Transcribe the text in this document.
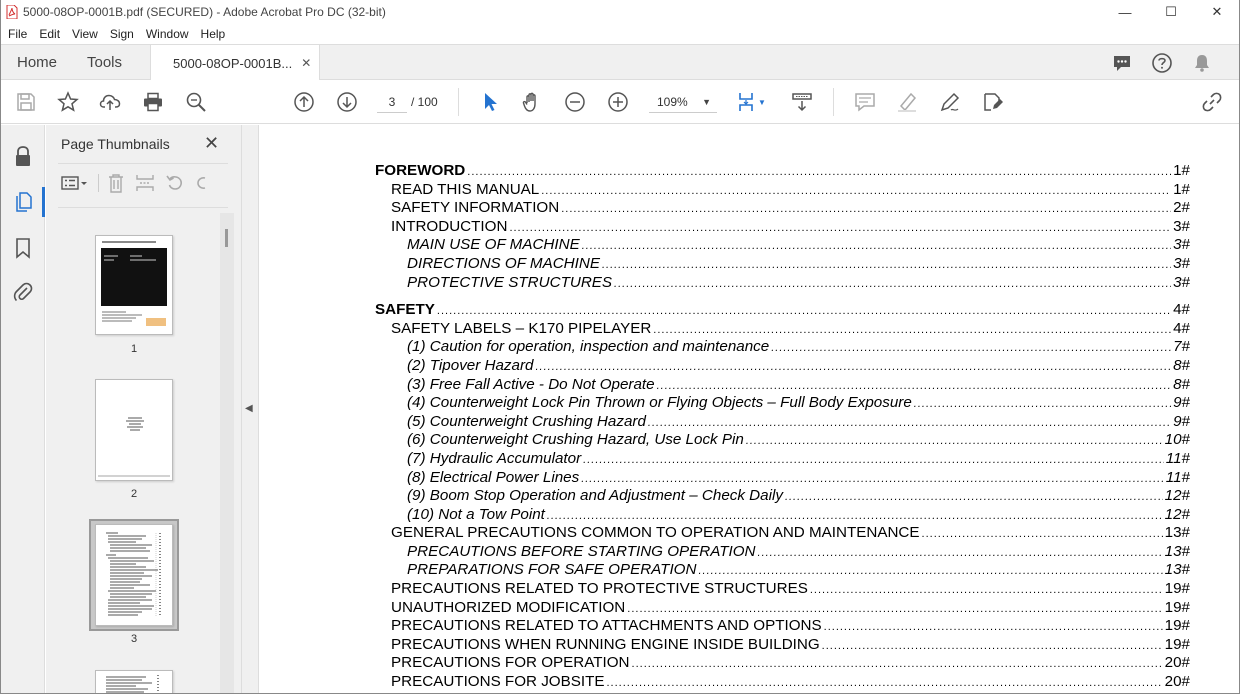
5000-08OP-0001B.pdf (SECURED) - Adobe Acrobat Pro DC (32-bit)	—	☐	✕
File Edit View Sign Window Help
Home Tools	5000-08OP-0001B... ✕
3	/ 100	109% ▼	▼
Page Thumbnails ✕
1
2
3
◀
FOREWORD .....	1#
READ THIS MANUAL .....	1#
SAFETY INFORMATION .....	2#
INTRODUCTION .....	3#
MAIN USE OF MACHINE .....	3#
DIRECTIONS OF MACHINE .....	3#
PROTECTIVE STRUCTURES .....	3#
SAFETY .....	4#
SAFETY LABELS – K170 PIPELAYER .....	4#
(1) Caution for operation, inspection and maintenance .....	7#
(2) Tipover Hazard .....	8#
(3) Free Fall Active - Do Not Operate .....	8#
(4) Counterweight Lock Pin Thrown or Flying Objects – Full Body Exposure .....	9#
(5) Counterweight Crushing Hazard .....	9#
(6) Counterweight Crushing Hazard, Use Lock Pin .....	10#
(7) Hydraulic Accumulator .....	11#
(8) Electrical Power Lines .....	11#
(9) Boom Stop Operation and Adjustment – Check Daily .....	12#
(10) Not a Tow Point .....	12#
GENERAL PRECAUTIONS COMMON TO OPERATION AND MAINTENANCE .....	13#
PRECAUTIONS BEFORE STARTING OPERATION .....	13#
PREPARATIONS FOR SAFE OPERATION .....	13#
PRECAUTIONS RELATED TO PROTECTIVE STRUCTURES .....	19#
UNAUTHORIZED MODIFICATION .....	19#
PRECAUTIONS RELATED TO ATTACHMENTS AND OPTIONS .....	19#
PRECAUTIONS WHEN RUNNING ENGINE INSIDE BUILDING .....	19#
PRECAUTIONS FOR OPERATION .....	20#
PRECAUTIONS FOR JOBSITE .....	20#
